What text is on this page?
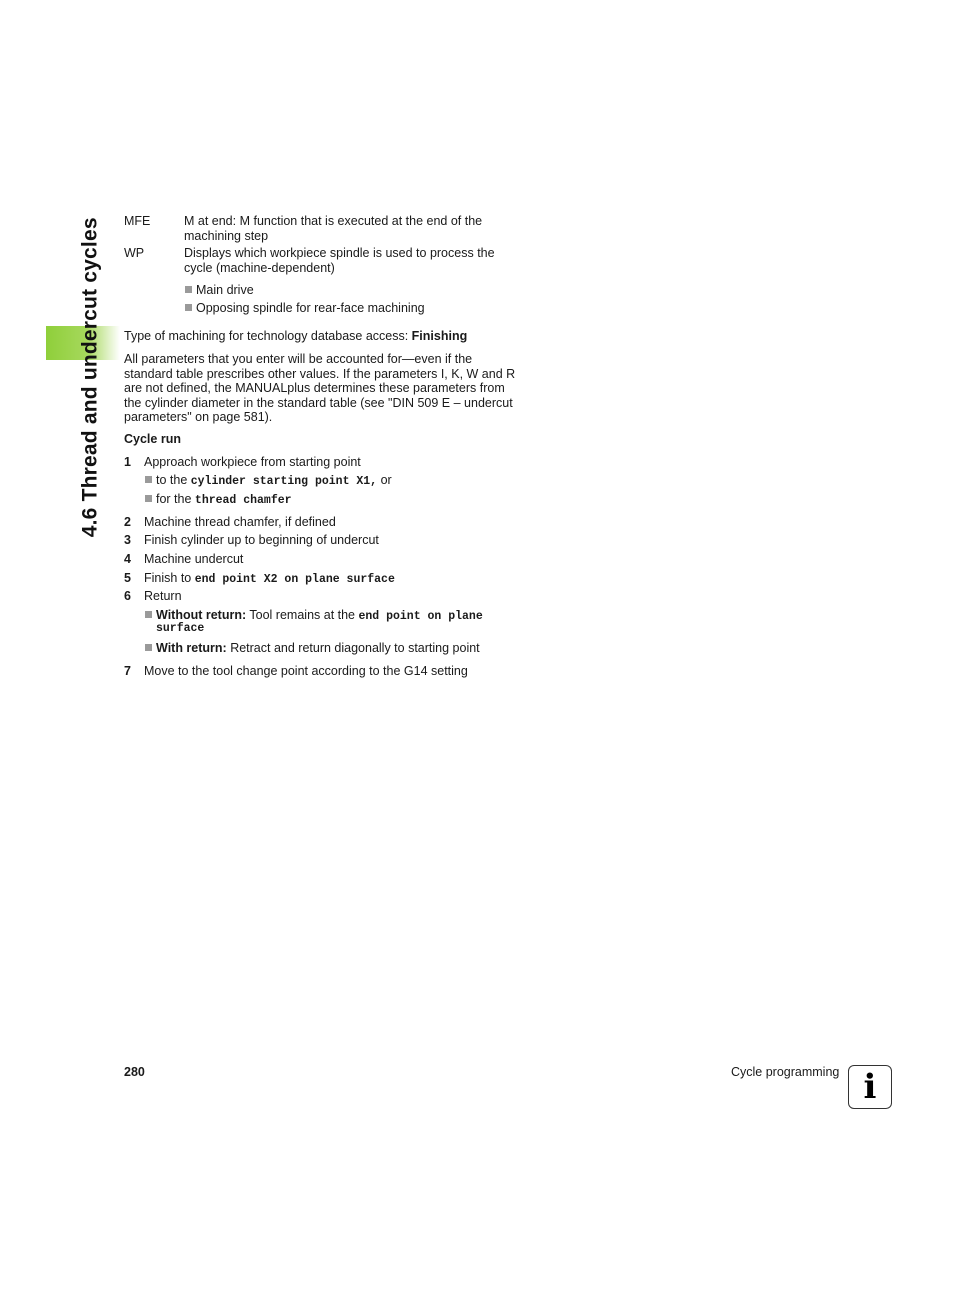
4.6 Thread and undercut cycles MFE	M at end: M function that is executed at the end of the machining step
WP	Displays which workpiece spindle is used to process the cycle (machine-dependent)
Main drive
Opposing spindle for rear-face machining
Type of machining for technology database access: Finishing
All parameters that you enter will be accounted for—even if the standard table prescribes other values. If the parameters I, K, W and R are not defined, the MANUALplus determines these parameters from the cylinder diameter in the standard table (see "DIN 509 E – undercut parameters" on page 581).
Cycle run
1 Approach workpiece from starting point
to the cylinder starting point X1, or
for the thread chamfer
2 Machine thread chamfer, if defined
3 Finish cylinder up to beginning of undercut
4 Machine undercut
5 Finish to end point X2 on plane surface
6 Return
Without return: Tool remains at the end point on plane
surface
With return: Retract and return diagonally to starting point
7 Move to the tool change point according to the G14 setting
280	Cycle programming i
